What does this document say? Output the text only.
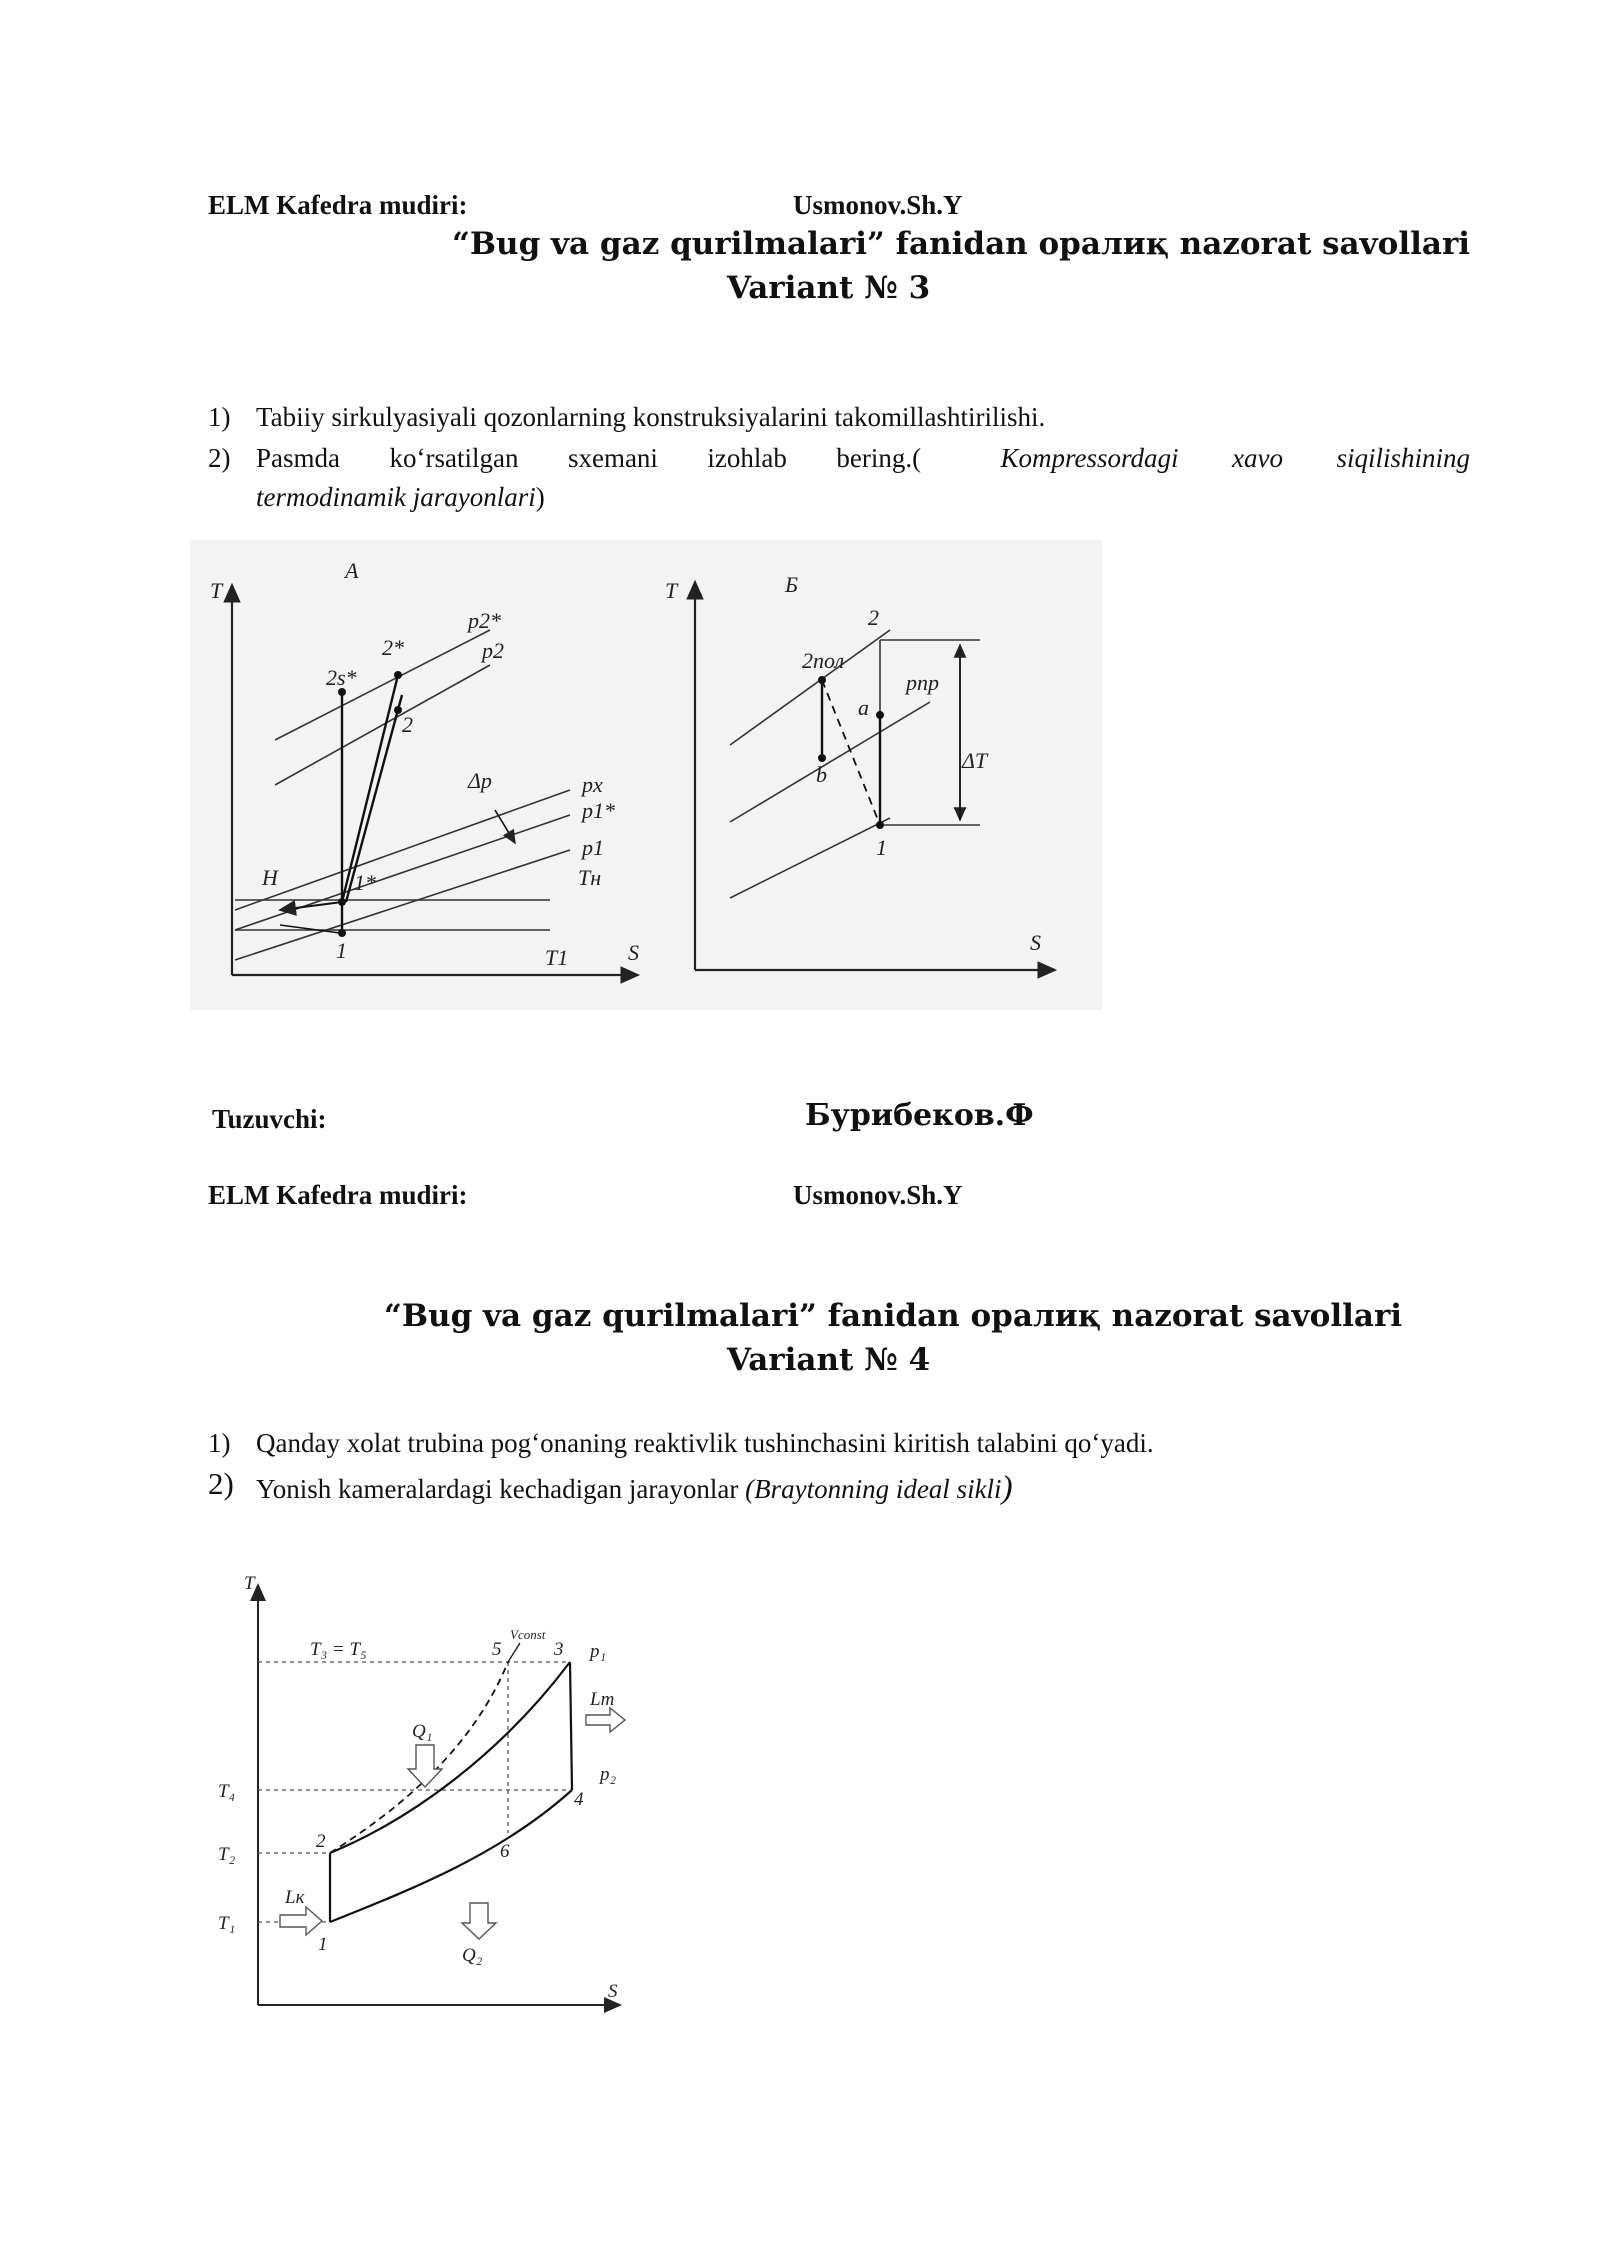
ELM Kafedra mudiri:	Usmonov.Sh.Y
“Bug va gaz qurilmalari” fanidan оралиқ nazorat savollari
Variant № 3
1) Tabiiy sirkulyasiyali qozonlarning konstruksiyalarini takomillashtirilishi.
2) Pasmda  ko‘rsatilgan  sxemani  izohlab  bering.(	Kompressordagi  xavo  siqilishining
termodinamik jarayonlari)
T
S
А
2*
2s*
2
p2*
p2
Δp	px
p1*
p1
Tн
T1
Н	1*
1
T
S
Б
2
2пол
a
pпр
b
ΔT
1
Tuzuvchi:	Бурибеков.Ф
ELM Kafedra mudiri:	Usmonov.Sh.Y
“Bug va gaz qurilmalari” fanidan оралиқ nazorat savollari
Variant № 4
1) Qanday xolat trubina pog‘onaning reaktivlik tushinchasini kiritish talabini qo‘yadi.
2) Yonish kameralardagi kechadigan jarayonlar (Braytonning ideal sikli)
T
S
T₃ = T₅
Vconst
T₄
T₂
T₁
p₁
p₂
Q₁
Q₂
Lк
Lт
1
2
3
4
5
6
